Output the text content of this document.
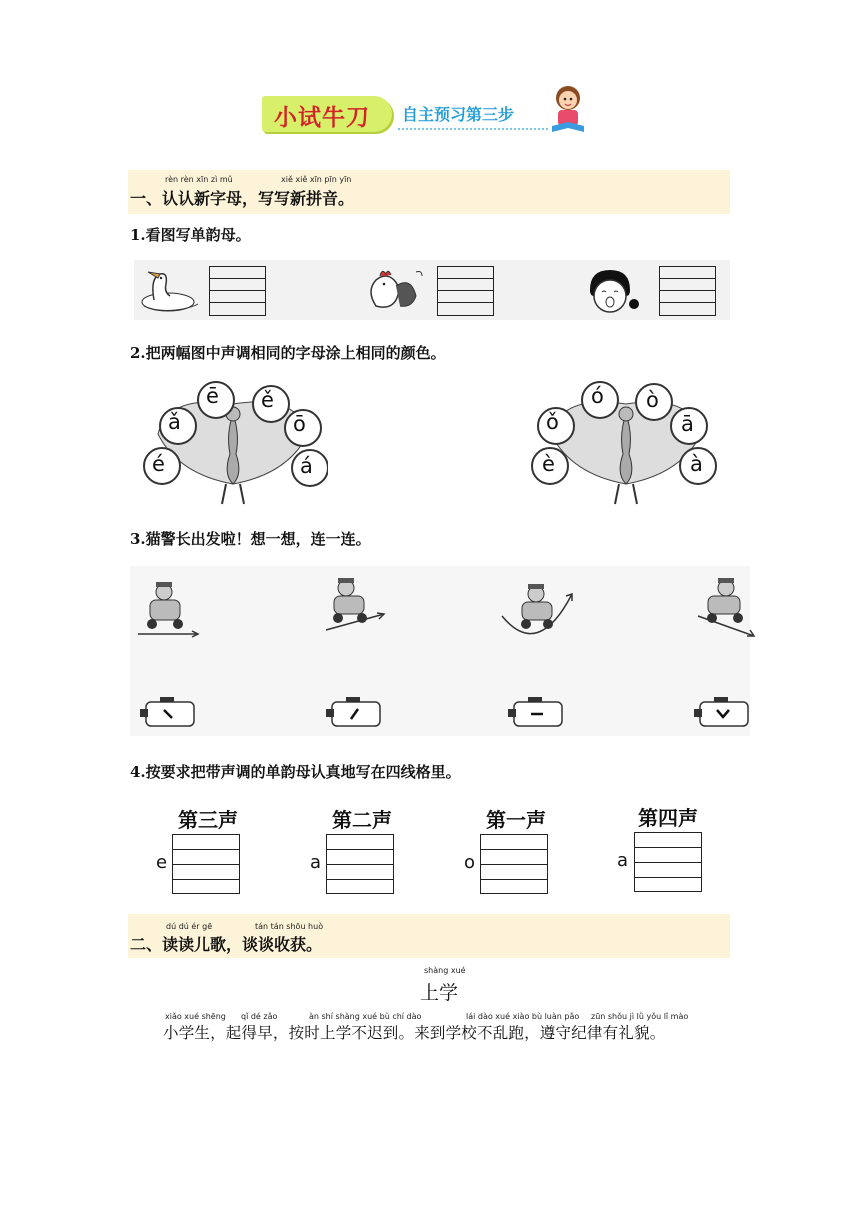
小试牛刀 自主预习第三步
rèn rèn xīn zì mǔ	xiě xiě xīn pīn yīn
一、认认新字母，写写新拼音。
1.看图写单韵母。
2.把两幅图中声调相同的字母涂上相同的颜色。
ǎ
ē ě
ō
é	á
ǒ
ó ò
ā
è	à
3.猫警长出发啦！想一想，连一连。
4.按要求把带声调的单韵母认真地写在四线格里。
第三声
e
第二声
a
第一声
o
第四声
a
dú dú ér gē	tán tán shōu huò
二、读读儿歌，谈谈收获。
shàng xué
上学
xiǎo xué shēng qǐ dé zǎo	àn shí shàng xué bù chí dào	lái dào xué xiào bù luàn pǎo zūn shǒu jì lǜ yǒu lǐ mào
小学生，起得早，按时上学不迟到。来到学校不乱跑，遵守纪律有礼貌。
